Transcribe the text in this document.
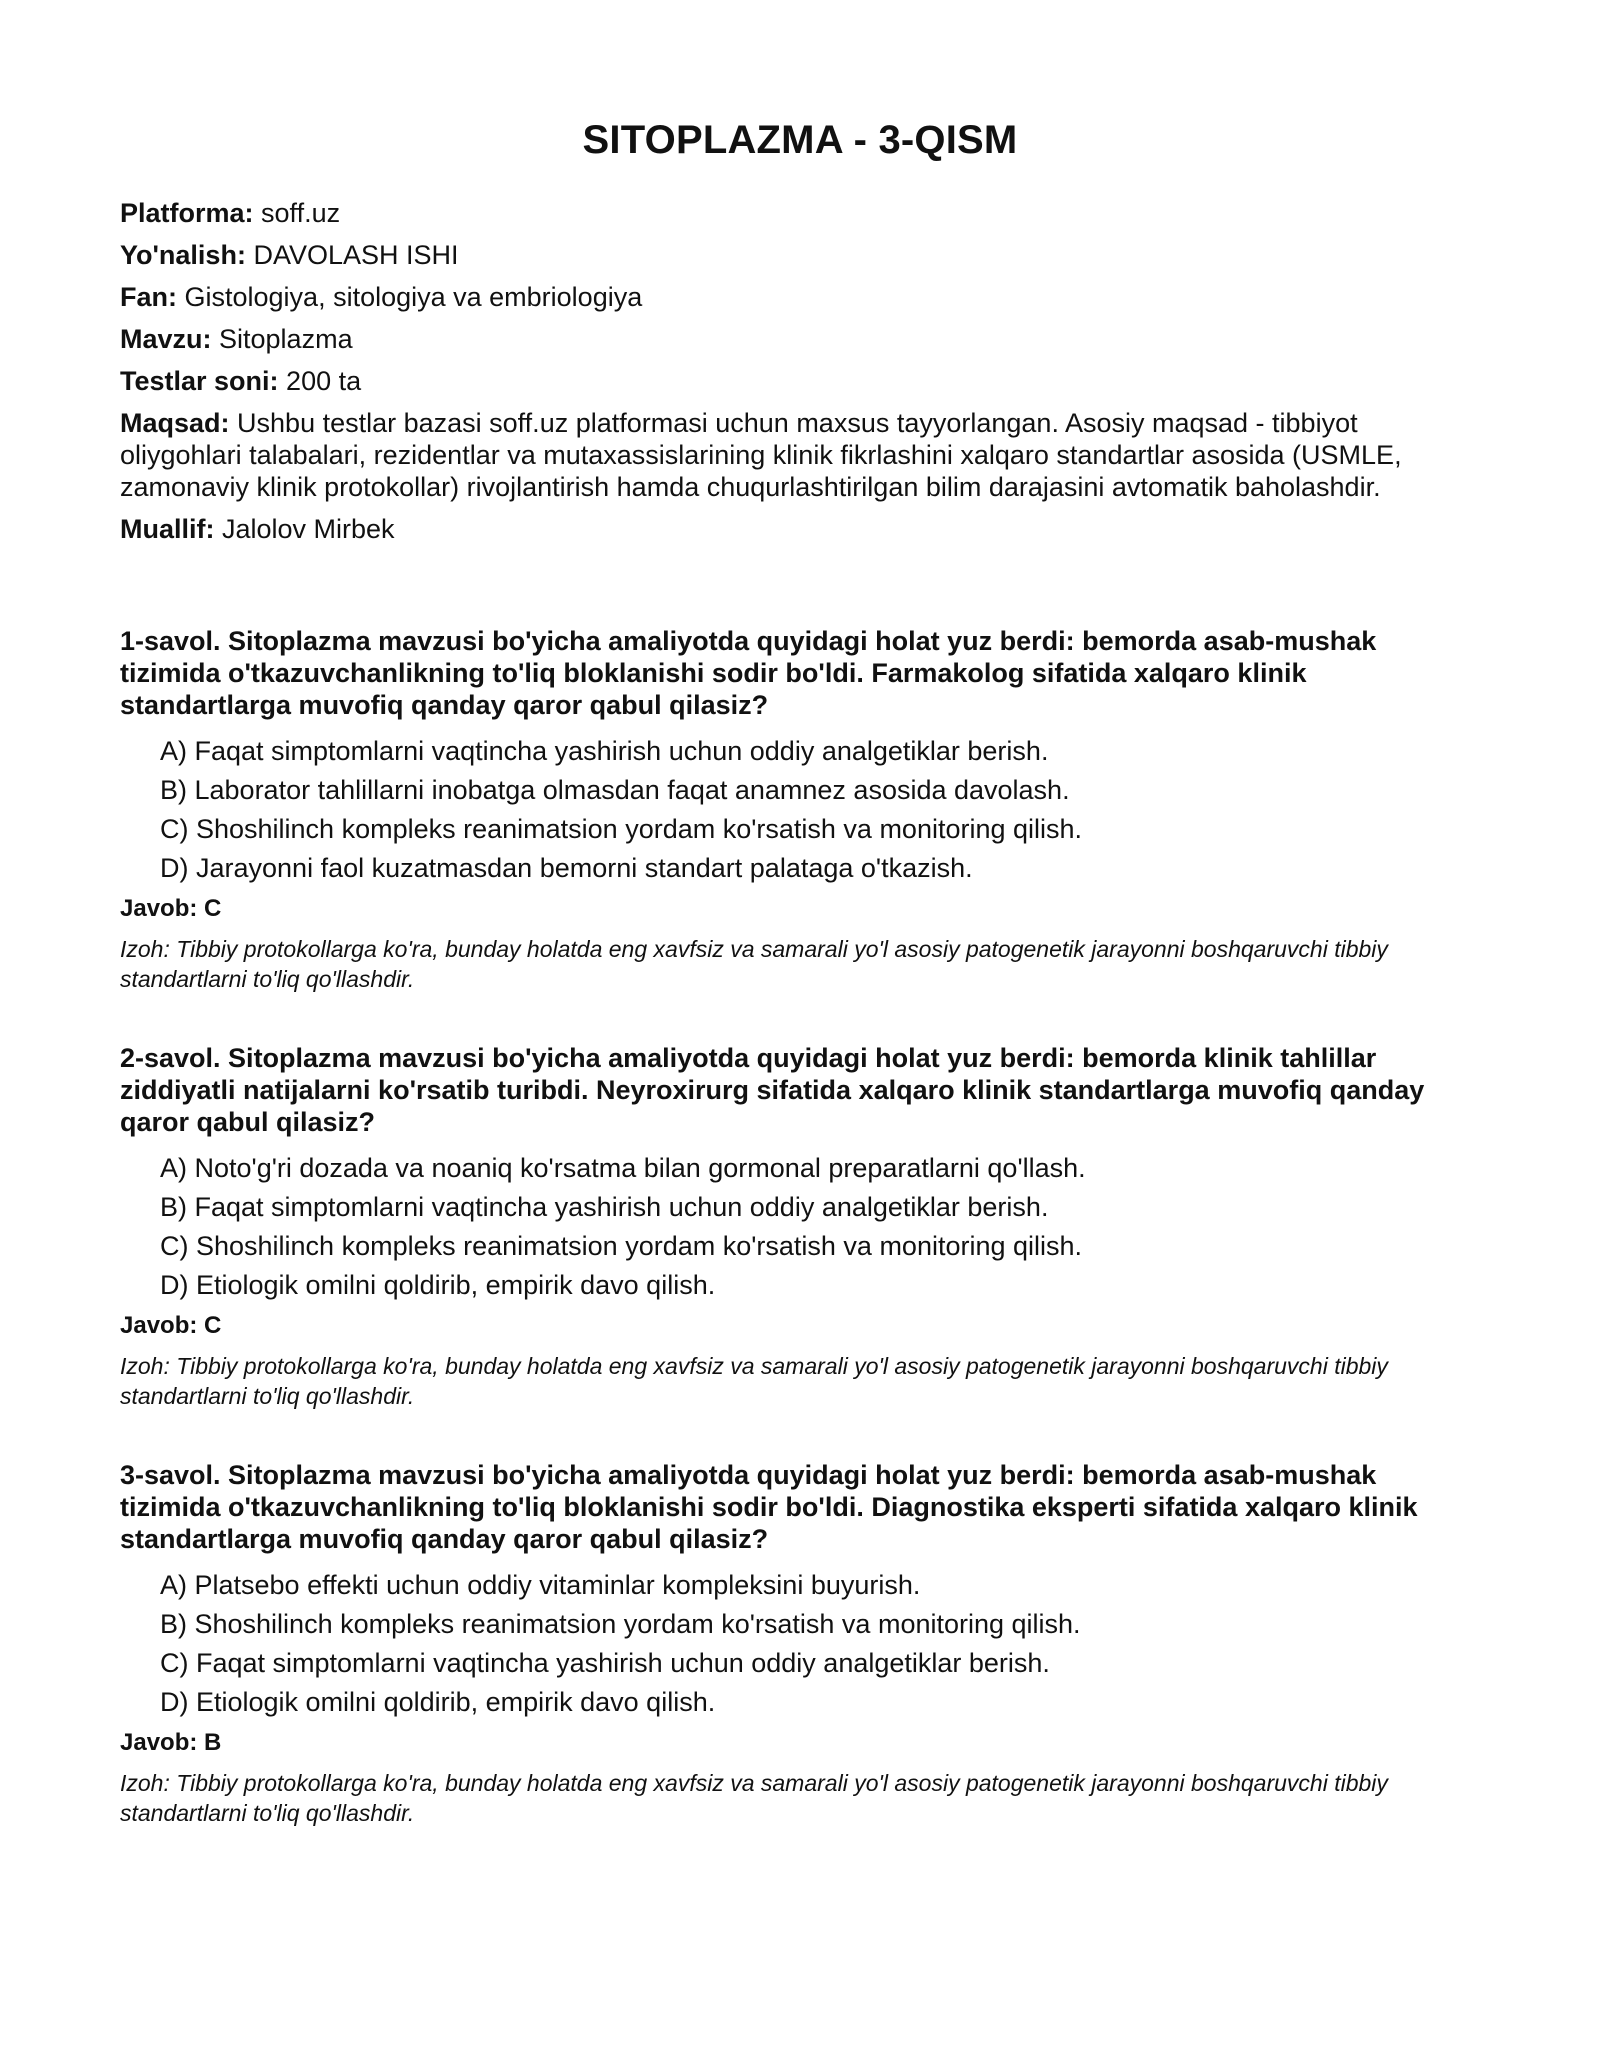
SITOPLAZMA - 3-QISM

Platforma: soff.uz

Yo'nalish: DAVOLASH ISHI

Fan: Gistologiya, sitologiya va embriologiya

Mavzu: Sitoplazma

Testlar soni: 200 ta

Maqsad: Ushbu testlar bazasi soff.uz platformasi uchun maxsus tayyorlangan. Asosiy maqsad - tibbiyot oliygohlari talabalari, rezidentlar va mutaxassislarining klinik fikrlashini xalqaro standartlar asosida (USMLE, zamonaviy klinik protokollar) rivojlantirish hamda chuqurlashtirilgan bilim darajasini avtomatik baholashdir.

Muallif: Jalolov Mirbek

1-savol. Sitoplazma mavzusi bo'yicha amaliyotda quyidagi holat yuz berdi: bemorda asab-mushak tizimida o'tkazuvchanlikning to'liq bloklanishi sodir bo'ldi. Farmakolog sifatida xalqaro klinik standartlarga muvofiq qanday qaror qabul qilasiz?

A) Faqat simptomlarni vaqtincha yashirish uchun oddiy analgetiklar berish.
B) Laborator tahlillarni inobatga olmasdan faqat anamnez asosida davolash.
C) Shoshilinch kompleks reanimatsion yordam ko'rsatish va monitoring qilish.
D) Jarayonni faol kuzatmasdan bemorni standart palataga o'tkazish.

Javob: C

Izoh: Tibbiy protokollarga ko'ra, bunday holatda eng xavfsiz va samarali yo'l asosiy patogenetik jarayonni boshqaruvchi tibbiy standartlarni to'liq qo'llashdir.

2-savol. Sitoplazma mavzusi bo'yicha amaliyotda quyidagi holat yuz berdi: bemorda klinik tahlillar ziddiyatli natijalarni ko'rsatib turibdi. Neyroxirurg sifatida xalqaro klinik standartlarga muvofiq qanday qaror qabul qilasiz?

A) Noto'g'ri dozada va noaniq ko'rsatma bilan gormonal preparatlarni qo'llash.
B) Faqat simptomlarni vaqtincha yashirish uchun oddiy analgetiklar berish.
C) Shoshilinch kompleks reanimatsion yordam ko'rsatish va monitoring qilish.
D) Etiologik omilni qoldirib, empirik davo qilish.

Javob: C

Izoh: Tibbiy protokollarga ko'ra, bunday holatda eng xavfsiz va samarali yo'l asosiy patogenetik jarayonni boshqaruvchi tibbiy standartlarni to'liq qo'llashdir.

3-savol. Sitoplazma mavzusi bo'yicha amaliyotda quyidagi holat yuz berdi: bemorda asab-mushak tizimida o'tkazuvchanlikning to'liq bloklanishi sodir bo'ldi. Diagnostika eksperti sifatida xalqaro klinik standartlarga muvofiq qanday qaror qabul qilasiz?

A) Platsebo effekti uchun oddiy vitaminlar kompleksini buyurish.
B) Shoshilinch kompleks reanimatsion yordam ko'rsatish va monitoring qilish.
C) Faqat simptomlarni vaqtincha yashirish uchun oddiy analgetiklar berish.
D) Etiologik omilni qoldirib, empirik davo qilish.

Javob: B

Izoh: Tibbiy protokollarga ko'ra, bunday holatda eng xavfsiz va samarali yo'l asosiy patogenetik jarayonni boshqaruvchi tibbiy standartlarni to'liq qo'llashdir.
